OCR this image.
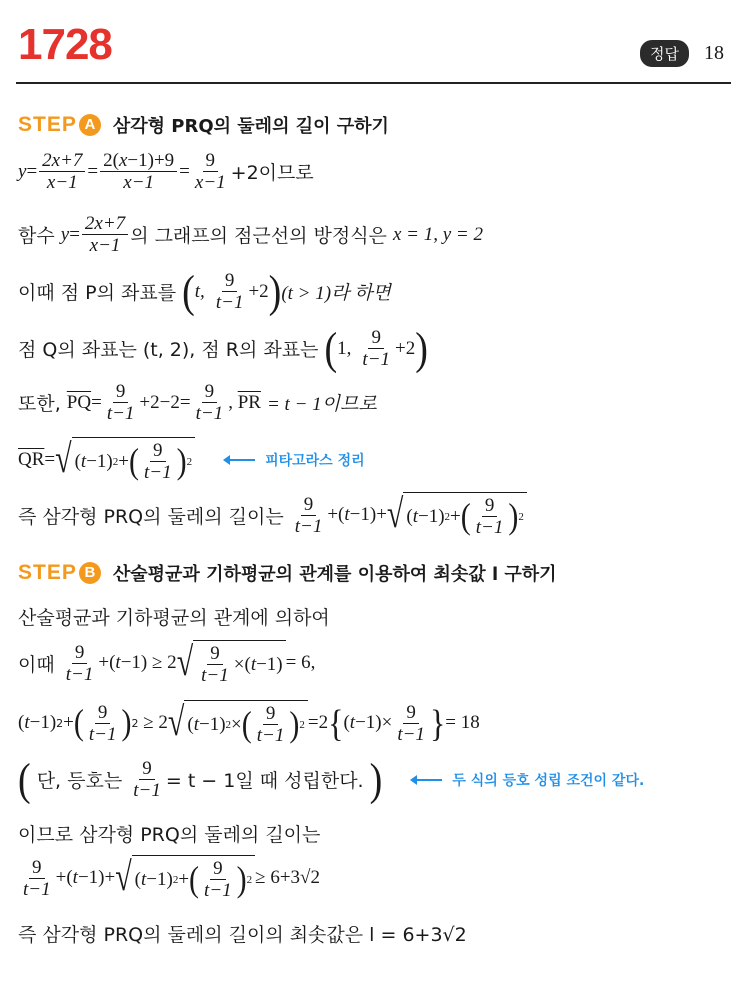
1728	정답	18
STEP A 삼각형 PRQ의 둘레의 길이 구하기
$y = \frac{2x+7}{x-1} = \frac{2(x-1)+9}{x-1} = \frac{9}{x-1} +2$이므로
함수
$y = \frac{2x+7}{x-1}$ 의 그래프의 점근선의 방정식은
x = 1, y = 2
이때 점 P의 좌표를
( t,
$\frac{9}{t-1} +2$ ) (t > 1)라 하면
점 Q의 좌표는 (t, 2), 점 R의 좌표는
( 1,
$\frac{9}{t-1} +2$ )
또한,
$\overline{PQ} = \frac{9}{t-1} +2-2= \frac{9}{t-1}$ , $\overline{PR}$
= t − 1이므로
$\overline{QR}$ = √ ( t −1) 2 + ( $\frac{9}{t-1}$ ) 2	피타고라스 정리
즉 삼각형 PRQ의 둘레의 길이는
$\frac{9}{t-1}$ +( t −1)+ √ ( t −1) 2 + ( $\frac{9}{t-1}$ ) 2
STEP B 산술평균과 기하평균의 관계를 이용하여 최솟값 l 구하기
산술평균과 기하평균의 관계에 의하여
이때
$\frac{9}{t-1}$ +( t −1) ≥ 2 √ $\frac{9}{t-1}$ ×( t −1) = 6,
( t −1) 2 + ( $\frac{9}{t-1}$ ) 2 ≥ 2 √ ( t −1) 2 × ( $\frac{9}{t-1}$ ) 2 =2 { ( $t -1)\times \frac{9}{t-1}$ } = 18
(
단, 등호는
$\frac{9}{t-1} = t - 1$일 때 성립한다.
)	두 식의 등호 성립 조건이 같다.
이므로 삼각형 PRQ의 둘레의 길이는
$\frac{9}{t-1}$ +( t −1)+ √ ( t −1) 2 + ( $\frac{9}{t-1}$ ) 2 ≥ 6+3√2
즉 삼각형 PRQ의 둘레의 길이의 최솟값은 l = 6+3√2
